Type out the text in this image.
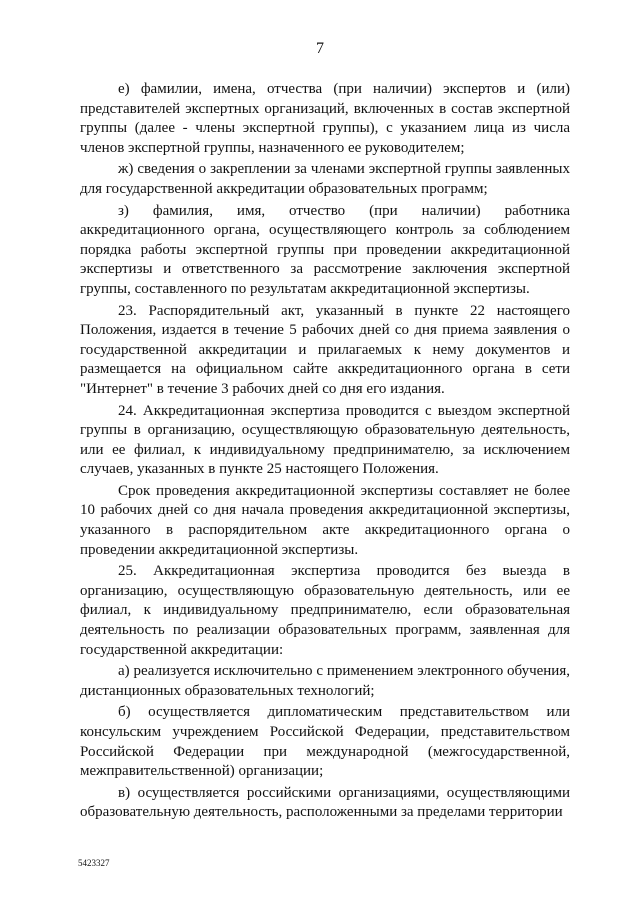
7

е) фамилии, имена, отчества (при наличии) экспертов и (или) представителей экспертных организаций, включенных в состав экспертной группы (далее - члены экспертной группы), с указанием лица из числа членов экспертной группы, назначенного ее руководителем;

ж) сведения о закреплении за членами экспертной группы заявленных для государственной аккредитации образовательных программ;

з) фамилия, имя, отчество (при наличии) работника аккредитационного органа, осуществляющего контроль за соблюдением порядка работы экспертной группы при проведении аккредитационной экспертизы и ответственного за рассмотрение заключения экспертной группы, составленного по результатам аккредитационной экспертизы.

23. Распорядительный акт, указанный в пункте 22 настоящего Положения, издается в течение 5 рабочих дней со дня приема заявления о государственной аккредитации и прилагаемых к нему документов и размещается на официальном сайте аккредитационного органа в сети "Интернет" в течение 3 рабочих дней со дня его издания.

24. Аккредитационная экспертиза проводится с выездом экспертной группы в организацию, осуществляющую образовательную деятельность, или ее филиал, к индивидуальному предпринимателю, за исключением случаев, указанных в пункте 25 настоящего Положения.

Срок проведения аккредитационной экспертизы составляет не более 10 рабочих дней со дня начала проведения аккредитационной экспертизы, указанного в распорядительном акте аккредитационного органа о проведении аккредитационной экспертизы.

25. Аккредитационная экспертиза проводится без выезда в организацию, осуществляющую образовательную деятельность, или ее филиал, к индивидуальному предпринимателю, если образовательная деятельность по реализации образовательных программ, заявленная для государственной аккредитации:

а) реализуется исключительно с применением электронного обучения, дистанционных образовательных технологий;

б) осуществляется дипломатическим представительством или консульским учреждением Российской Федерации, представительством Российской Федерации при международной (межгосударственной, межправительственной) организации;

в) осуществляется российскими организациями, осуществляющими образовательную деятельность, расположенными за пределами территории

5423327
